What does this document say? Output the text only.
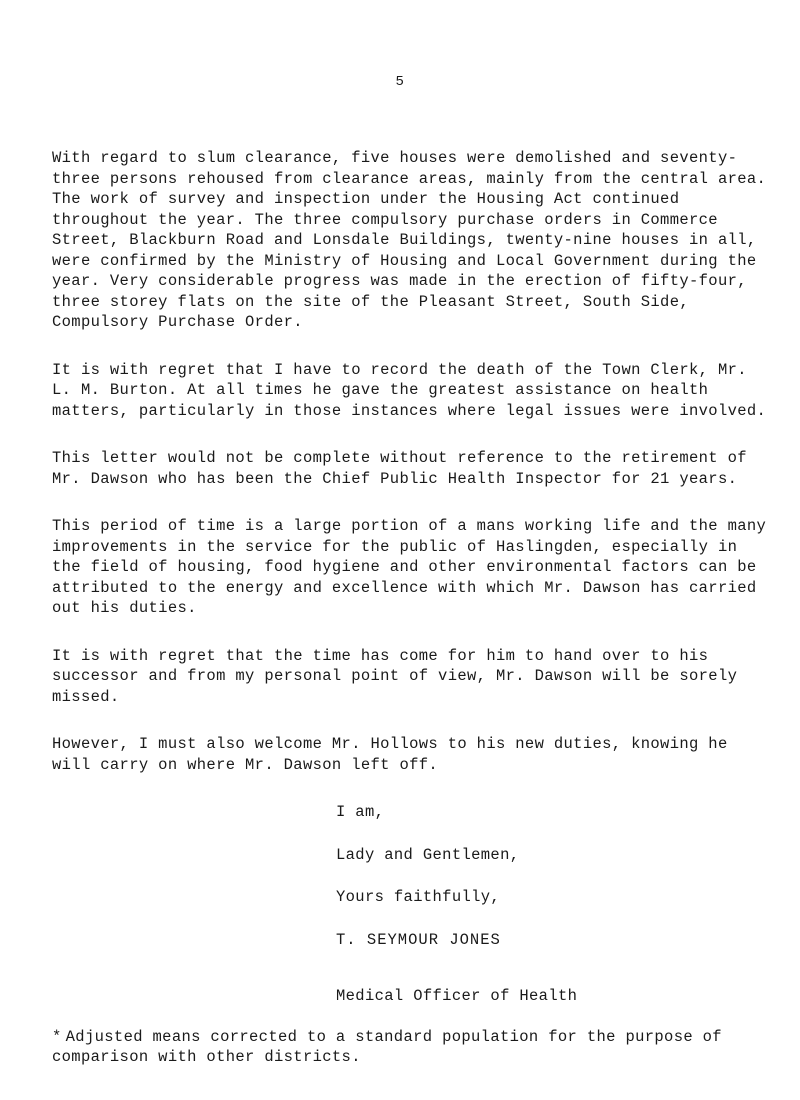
5

With regard to slum clearance, five houses were demolished and seventy-three persons rehoused from clearance areas, mainly from the central area. The work of survey and inspection under the Housing Act continued throughout the year. The three compulsory purchase orders in Commerce Street, Blackburn Road and Lonsdale Buildings, twenty-nine houses in all, were confirmed by the Ministry of Housing and Local Government during the year. Very considerable progress was made in the erection of fifty-four, three storey flats on the site of the Pleasant Street, South Side, Compulsory Purchase Order.

It is with regret that I have to record the death of the Town Clerk, Mr. L. M. Burton. At all times he gave the greatest assistance on health matters, particularly in those instances where legal issues were involved.

This letter would not be complete without reference to the retirement of Mr. Dawson who has been the Chief Public Health Inspector for 21 years.

This period of time is a large portion of a mans working life and the many improvements in the service for the public of Haslingden, especially in the field of housing, food hygiene and other environmental factors can be attributed to the energy and excellence with which Mr. Dawson has carried out his duties.

It is with regret that the time has come for him to hand over to his successor and from my personal point of view, Mr. Dawson will be sorely missed.

However, I must also welcome Mr. Hollows to his new duties, knowing he will carry on where Mr. Dawson left off.

I am,
Lady and Gentlemen,
Yours faithfully,
T. SEYMOUR JONES
Medical Officer of Health

* Adjusted means corrected to a standard population for the purpose of comparison with other districts.
